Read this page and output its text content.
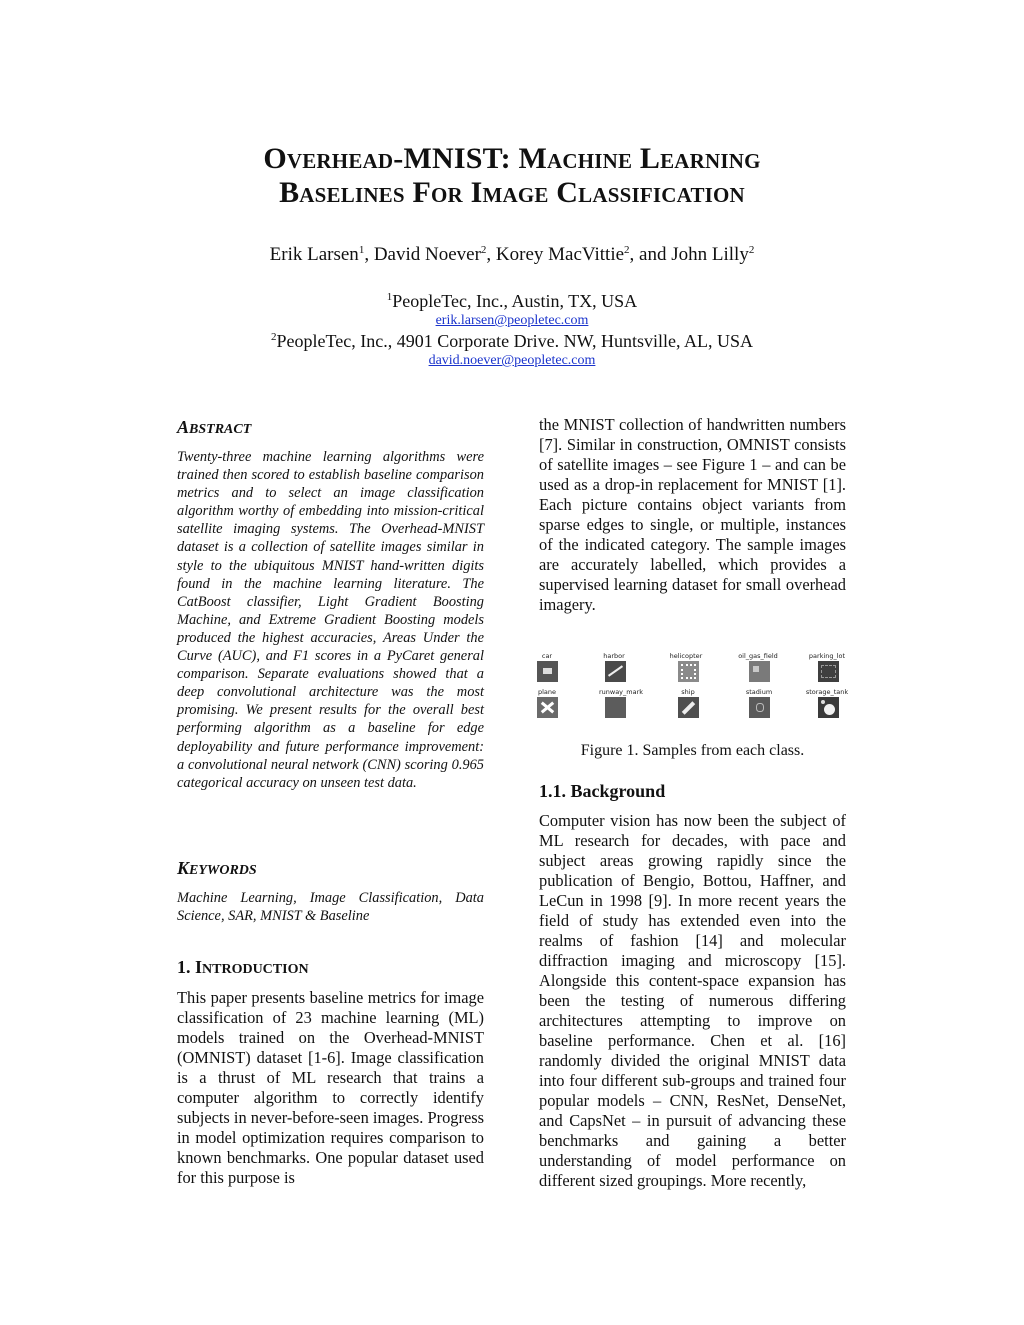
Overhead-MNIST: Machine Learning
Baselines For Image Classification
Erik Larsen$^1$, David Noever$^2$, Korey MacVittie$^2$, and John Lilly$^2$
$^1$PeopleTec, Inc., Austin, TX, USA
erik.larsen@peopletec.com
$^2$PeopleTec, Inc., 4901 Corporate Drive. NW, Huntsville, AL, USA
david.noever@peopletec.com
ABSTRACT
Twenty-three machine learning algorithms were trained then scored to establish baseline comparison metrics and to select an image classification algorithm worthy of embedding into mission-critical satellite imaging systems. The Overhead-MNIST dataset is a collection of satellite images similar in style to the ubiquitous MNIST hand-written digits found in the machine learning literature. The CatBoost classifier, Light Gradient Boosting Machine, and Extreme Gradient Boosting models produced the highest accuracies, Areas Under the Curve (AUC), and F1 scores in a PyCaret general comparison. Separate evaluations showed that a deep convolutional architecture was the most promising. We present results for the overall best performing algorithm as a baseline for edge deployability and future performance improvement: a convolutional neural network (CNN) scoring 0.965 categorical accuracy on unseen test data.
KEYWORDS
Machine Learning, Image Classification, Data Science, SAR, MNIST & Baseline
1. INTRODUCTION
This paper presents baseline metrics for image classification of 23 machine learning (ML) models trained on the Overhead-MNIST (OMNIST) dataset [1-6]. Image classification is a thrust of ML research that trains a computer algorithm to correctly identify subjects in never-before-seen images. Progress in model optimization requires comparison to known benchmarks. One popular dataset used for this purpose is
the MNIST collection of handwritten numbers [7]. Similar in construction, OMNIST consists of satellite images – see Figure 1 – and can be used as a drop-in replacement for MNIST [1]. Each picture contains object variants from sparse edges to single, or multiple, instances of the indicated category. The sample images are accurately labelled, which provides a supervised learning dataset for small overhead imagery.
car	harbor	helicopter	oil_gas_field	parking_lot
plane	runway_mark	ship	stadium	storage_tank
Figure 1. Samples from each class.
1.1. Background
Computer vision has now been the subject of ML research for decades, with pace and subject areas growing rapidly since the publication of Bengio, Bottou, Haffner, and LeCun in 1998 [9]. In more recent years the field of study has extended even into the realms of fashion [14] and molecular diffraction imaging and microscopy [15]. Alongside this content-space expansion has been the testing of numerous differing architectures attempting to improve on baseline performance. Chen et al. [16] randomly divided the original MNIST data into four different sub-groups and trained four popular models – CNN, ResNet, DenseNet, and CapsNet – in pursuit of advancing these benchmarks and gaining a better understanding of model performance on different sized groupings. More recently,
